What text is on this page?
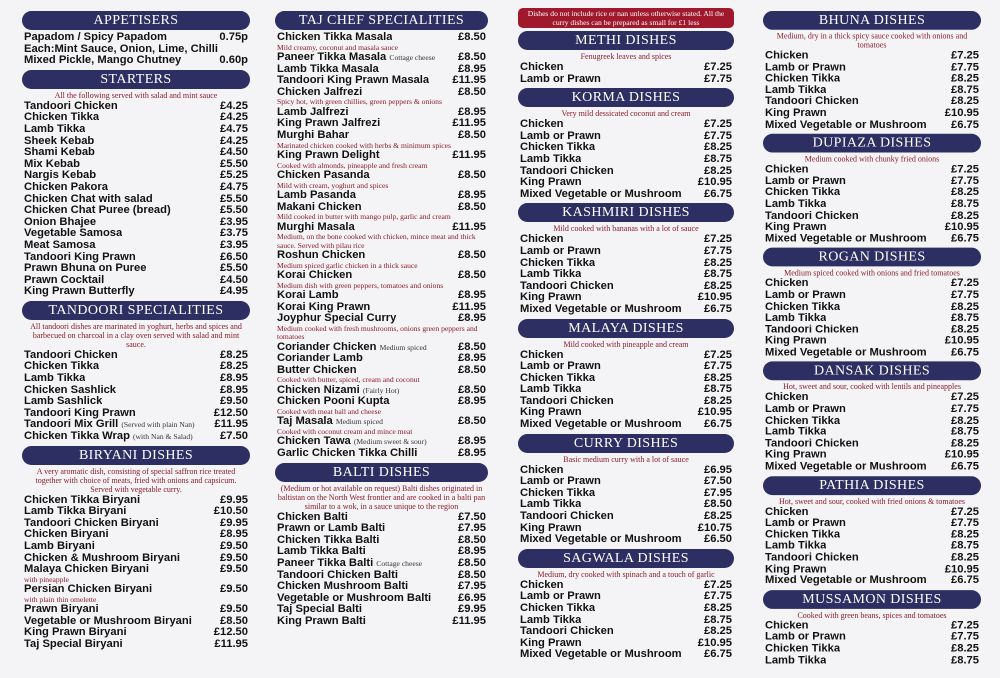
APPETISERS
Papadom / Spicy Papadom	0.75p
Each:Mint Sauce, Onion, Lime, Chilli
Mixed Pickle, Mango Chutney	0.60p
STARTERS
All the following served with salad and mint sauce
Tandoori Chicken	£4.25
Chicken Tikka	£4.25
Lamb Tikka	£4.75
Sheek Kebab	£4.25
Shami Kebab	£4.50
Mix Kebab	£5.50
Nargis Kebab	£5.25
Chicken Pakora	£4.75
Chicken Chat with salad	£5.50
Chicken Chat Puree (bread)	£5.50
Onion Bhajee	£3.95
Vegetable Samosa	£3.75
Meat Samosa	£3.95
Tandoori King Prawn	£6.50
Prawn Bhuna on Puree	£5.50
Prawn Cocktail	£4.50
King Prawn Butterfly	£4.95
TANDOORI SPECIALITIES
All tandoori dishes are marinated in yoghurt, herbs and spices and barbecued on charcoal in a clay oven served with salad and mint sauce.
Tandoori Chicken	£8.25
Chicken Tikka	£8.25
Lamb Tikka	£8.95
Chicken Sashlick	£8.95
Lamb Sashlick	£9.50
Tandoori King Prawn	£12.50
Tandoori Mix Grill (Served with plain Nan) £11.95
Chicken Tikka Wrap (with Nan & Salad) £7.50
BIRYANI DISHES
A very aromatic dish, consisting of special saffron rice treated together with choice of meats, fried with onions and capsicum. Served with vegetable curry.
Chicken Tikka Biryani	£9.95
Lamb Tikka Biryani	£10.50
Tandoori Chicken Biryani	£9.95
Chicken Biryani	£8.95
Lamb Biryani	£9.50
Chicken & Mushroom Biryani	£9.50
Malaya Chicken Biryani	£9.50
with pineapple
Persian Chicken Biryani	£9.50
with plain thin omelette
Prawn Biryani	£9.50
Vegetable or Mushroom Biryani	£8.50
King Prawn Biryani	£12.50
Taj Special Biryani	£11.95
TAJ CHEF SPECIALITIES
Chicken Tikka Masala	£8.50
Mild creamy, coconut and masala sauce
Paneer Tikka Masala Cottage cheese £8.50
Lamb Tikka Masala	£8.95
Tandoori King Prawn Masala £11.95
Chicken Jalfrezi	£8.50
Spicy hot, with green chillies, green peppers & onions
Lamb Jalfrezi	£8.95
King Prawn Jalfrezi	£11.95
Murghi Bahar	£8.50
Marinated chicken cooked with herbs & minimum spices
King Prawn Delight	£11.95
Cooked with almonds, pineapple and fresh cream
Chicken Pasanda	£8.50
Mild with cream, yoghurt and spices
Lamb Pasanda	£8.95
Makani Chicken	£8.50
Mild cooked in butter with mango pulp, garlic and cream
Murghi Masala	£11.95
Medium, on the bone cooked with chicken, mince meat and thick sauce. Served with pilau rice
Roshun Chicken	£8.50
Medium spiced garlic chicken in a thick sauce
Korai Chicken	£8.50
Medium dish with green peppers, tomatoes and onions
Korai Lamb	£8.95
Korai King Prawn	£11.95
Joyphur Special Curry	£8.95
Medium cooked with fresh mushrooms, onions green peppers and tomatoes
Coriander Chicken Medium spiced	£8.50
Coriander Lamb	£8.95
Butter Chicken	£8.50
Cooked with butter, spiced, cream and coconut
Chicken Nizami (Fairly Hot)	£8.50
Chicken Pooni Kupta	£8.95
Cooked with meat ball and cheese
Taj Masala Medium spiced	£8.50
Cooked with coconut cream and mince meat
Chicken Tawa (Medium sweet & sour)	£8.95
Garlic Chicken Tikka Chilli	£8.95
BALTI DISHES
(Medium or hot available on request) Balti dishes originated in baltistan on the North West frontier and are cooked in a balti pan similar to a wok, in a sauce unique to the region
Chicken Balti	£7.50
Prawn or Lamb Balti	£7.95
Chicken Tikka Balti	£8.50
Lamb Tikka Balti	£8.95
Paneer Tikka Balti Cottage cheese	£8.50
Tandoori Chicken Balti	£8.50
Chicken Mushroom Balti	£7.95
Vegetable or Mushroom Balti £6.95
Taj Special Balti	£9.95
King Prawn Balti	£11.95
Dishes do not include rice or nan unless otherwise stated. All the curry dishes can be prepared as small for £1 less
METHI DISHES
Fenugreek leaves and spices
Chicken	£7.25
Lamb or Prawn	£7.75
KORMA DISHES
Very mild dessicated coconut and cream
Chicken	£7.25
Lamb or Prawn	£7.75
Chicken Tikka	£8.25
Lamb Tikka	£8.75
Tandoori Chicken	£8.25
King Prawn	£10.95
Mixed Vegetable or Mushroom £6.75
KASHMIRI DISHES
Mild cooked with bananas with a lot of sauce
Chicken	£7.25
Lamb or Prawn	£7.75
Chicken Tikka	£8.25
Lamb Tikka	£8.75
Tandoori Chicken	£8.25
King Prawn	£10.95
Mixed Vegetable or Mushroom £6.75
MALAYA DISHES
Mild cooked with pineapple and cream
Chicken	£7.25
Lamb or Prawn	£7.75
Chicken Tikka	£8.25
Lamb Tikka	£8.75
Tandoori Chicken	£8.25
King Prawn	£10.95
Mixed Vegetable or Mushroom £6.75
CURRY DISHES
Basic medium curry with a lot of sauce
Chicken	£6.95
Lamb or Prawn	£7.50
Chicken Tikka	£7.95
Lamb Tikka	£8.50
Tandoori Chicken	£8.25
King Prawn	£10.75
Mixed Vegetable or Mushroom £6.50
SAGWALA DISHES
Medium, dry cooked with spinach and a touch of garlic
Chicken	£7.25
Lamb or Prawn	£7.75
Chicken Tikka	£8.25
Lamb Tikka	£8.75
Tandoori Chicken	£8.25
King Prawn	£10.95
Mixed Vegetable or Mushroom £6.75
BHUNA DISHES
Medium, dry in a thick spicy sauce cooked with onions and tomatoes
Chicken	£7.25
Lamb or Prawn	£7.75
Chicken Tikka	£8.25
Lamb Tikka	£8.75
Tandoori Chicken	£8.25
King Prawn	£10.95
Mixed Vegetable or Mushroom £6.75
DUPIAZA DISHES
Medium cooked with chunky fried onions
Chicken	£7.25
Lamb or Prawn	£7.75
Chicken Tikka	£8.25
Lamb Tikka	£8.75
Tandoori Chicken	£8.25
King Prawn	£10.95
Mixed Vegetable or Mushroom £6.75
ROGAN DISHES
Medium spiced cooked with onions and fried tomatoes
Chicken	£7.25
Lamb or Prawn	£7.75
Chicken Tikka	£8.25
Lamb Tikka	£8.75
Tandoori Chicken	£8.25
King Prawn	£10.95
Mixed Vegetable or Mushroom £6.75
DANSAK DISHES
Hot, sweet and sour, cooked with lentils and pineapples
Chicken	£7.25
Lamb or Prawn	£7.75
Chicken Tikka	£8.25
Lamb Tikka	£8.75
Tandoori Chicken	£8.25
King Prawn	£10.95
Mixed Vegetable or Mushroom £6.75
PATHIA DISHES
Hot, sweet and sour, cooked with fried onions & tomatoes
Chicken	£7.25
Lamb or Prawn	£7.75
Chicken Tikka	£8.25
Lamb Tikka	£8.75
Tandoori Chicken	£8.25
King Prawn	£10.95
Mixed Vegetable or Mushroom £6.75
MUSSAMON DISHES
Cooked with green beans, spices and tomatoes
Chicken	£7.25
Lamb or Prawn	£7.75
Chicken Tikka	£8.25
Lamb Tikka	£8.75
